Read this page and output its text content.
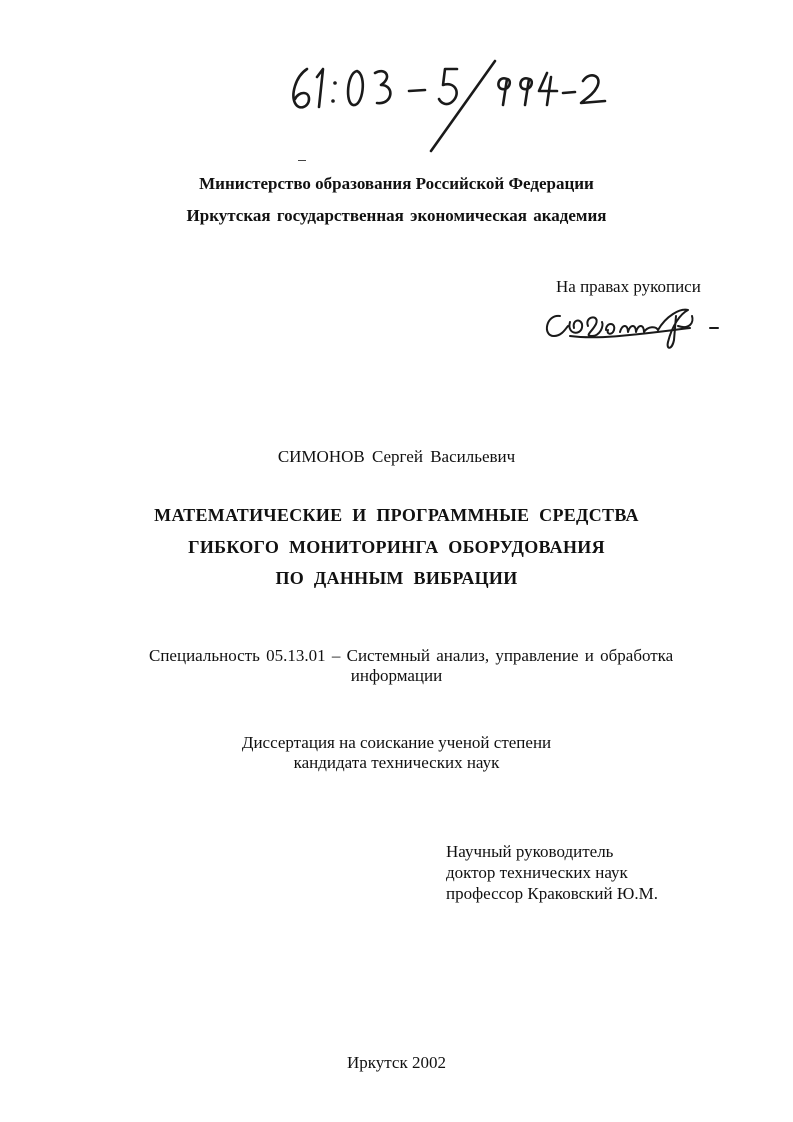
Министерство образования Российской Федерации
Иркутская государственная экономическая академия
На правах рукописи
СИМОНОВ Сергей Васильевич
МАТЕМАТИЧЕСКИЕ И ПРОГРАММНЫЕ СРЕДСТВА
ГИБКОГО МОНИТОРИНГА ОБОРУДОВАНИЯ
ПО ДАННЫМ ВИБРАЦИИ
Специальность 05.13.01 – Системный анализ, управление и обработка
информации
Диссертация на соискание ученой степени
кандидата технических наук
Научный руководитель
доктор технических наук
профессор Краковский Ю.М.
Иркутск 2002
